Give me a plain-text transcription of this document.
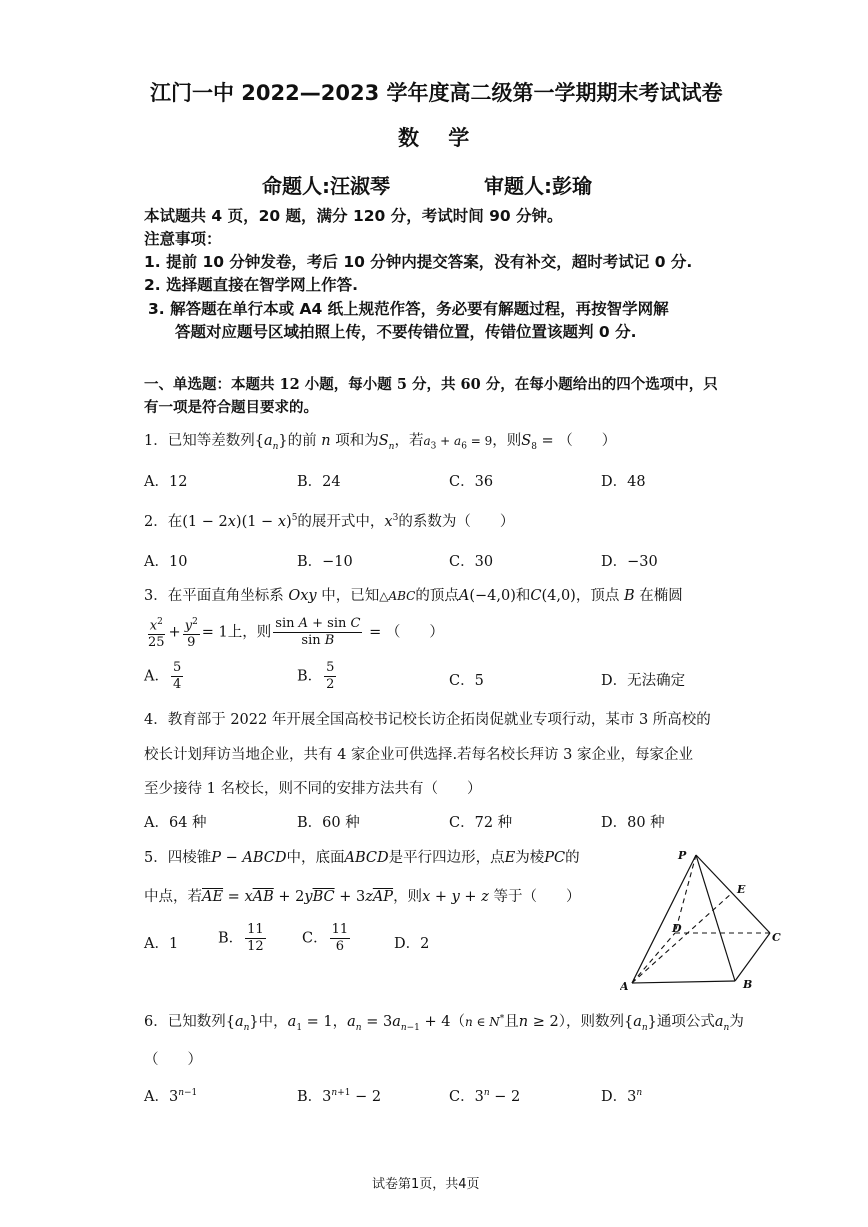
江门一中 2022—2023 学年度高二级第一学期期末考试试卷
数    学
命题人:汪淑琴	审题人:彭瑜
本试题共 4 页，20 题，满分 120 分，考试时间 90 分钟。
注意事项：
1. 提前 10 分钟发卷，考后 10 分钟内提交答案，没有补交，超时考试记 0 分.
2. 选择题直接在智学网上作答.
3. 解答题在单行本或 A4 纸上规范作答，务必要有解题过程，再按智学网解
答题对应题号区域拍照上传，不要传错位置，传错位置该题判 0 分.
一、单选题：本题共 12 小题，每小题 5 分，共 60 分，在每小题给出的四个选项中，只
有一项是符合题目要求的。
1．已知等差数列$\{a_n\}$的前 n 项和为$S_n$，若$a_3 + a_6 = 9$，则$S_8$ = （　　）
A．12	B．24	C．36	D．48
2．在$(1 - 2x)(1 - x)^5$的展开式中，$x^3$的系数为（　　）
A．10	B．−10	C．30	D．−30
3．在平面直角坐标系 Oxy 中，已知△ABC的顶点A(−4,0)和C(4,0)，顶点 B 在椭圆
$\frac{x^2}{25} + \frac{y^2}{9} = 1$上，则 $\frac{\text{sin A + sin C}}{\text{sin B}}$ = （　　）
A． $\frac{5}{4}$	B． $\frac{5}{2}$	C．5	D．无法确定
4．教育部于 2022 年开展全国高校书记校长访企拓岗促就业专项行动，某市 3 所高校的
校长计划拜访当地企业，共有 4 家企业可供选择.若每名校长拜访 3 家企业，每家企业
至少接待 1 名校长，则不同的安排方法共有（　　）
A．64 种	B．60 种	C．72 种	D．80 种
5．四棱锥P − ABCD中，底面ABCD是平行四边形，点E为棱PC的
中点，若$\overline{AE} = x\overline{AB} + 2y\overline{BC} + 3z\overline{AP}$，则x + y + z 等于（　　）
A．1	B． $\frac{11}{12}$	C． $\frac{11}{6}$	D．2
P
E
D
C
A	B
6．已知数列$\{a_n\}$中，$a_1 = 1$，$a_n = 3a_{n-1} + 4(n$ ∈ N*且n ≥ 2），则数列$\{a_n\}$通项公式$a_n$为
（　　）
A．$3^{n-1}$	B．$3^{n+1} - 2$	C．$3^n - 2$	D．3$^n$
试卷第1页，共4页
